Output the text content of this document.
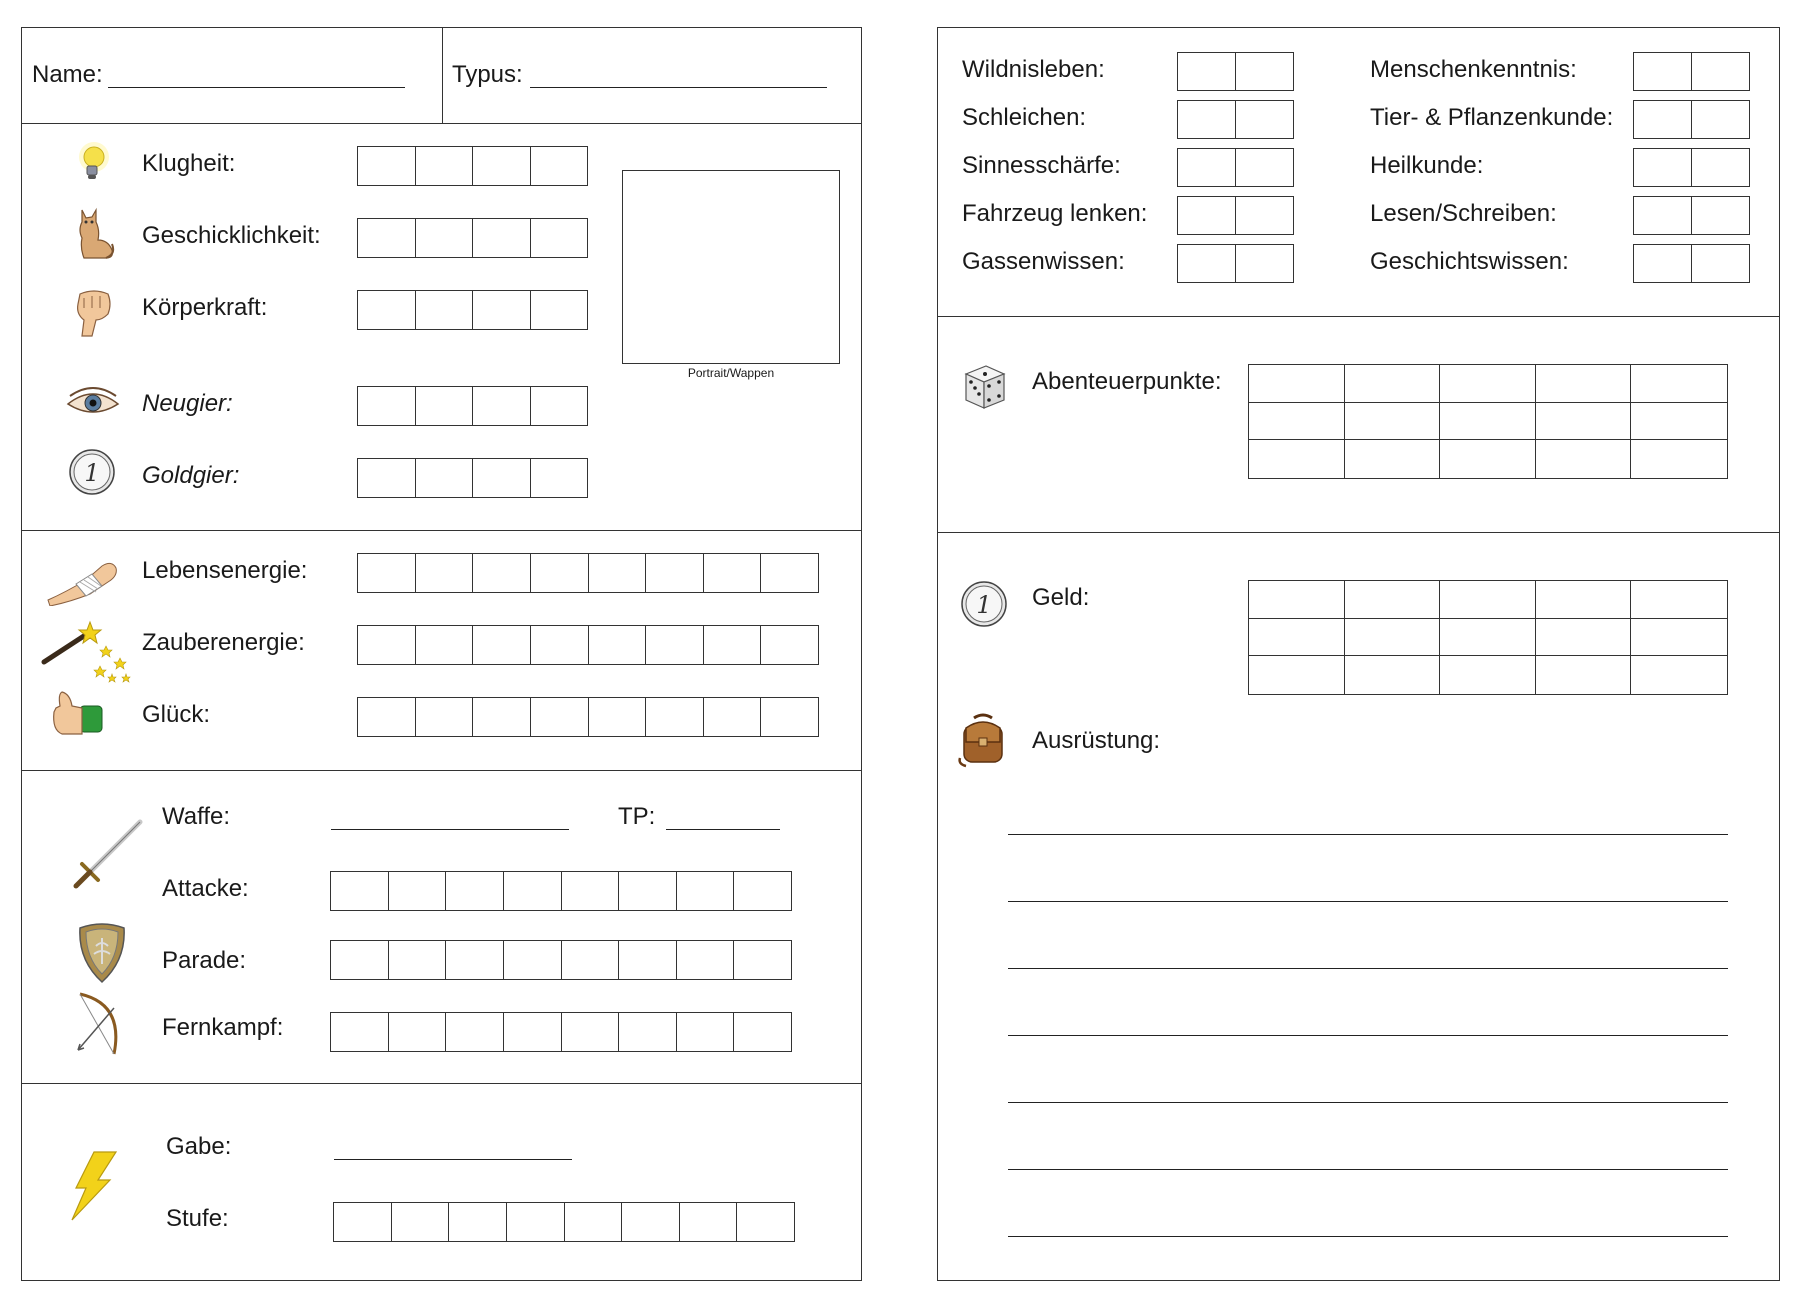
Name:	Typus:
1
Klugheit:
Geschicklichkeit:
Körperkraft:
Neugier:
Goldgier:
Portrait/Wappen
Lebensenergie:
Zauberenergie:
Glück:
Waffe:	TP:
Attacke:
Parade:
Fernkampf:
Gabe:
Stufe:
Wildnisleben:
Schleichen:
Sinnesschärfe:
Fahrzeug lenken:
Gassenwissen:
Menschenkenntnis:
Tier- & Pflanzenkunde:
Heilkunde:
Lesen/Schreiben:
Geschichtswissen:
Abenteuerpunkte:
1 Geld:
Ausrüstung:
